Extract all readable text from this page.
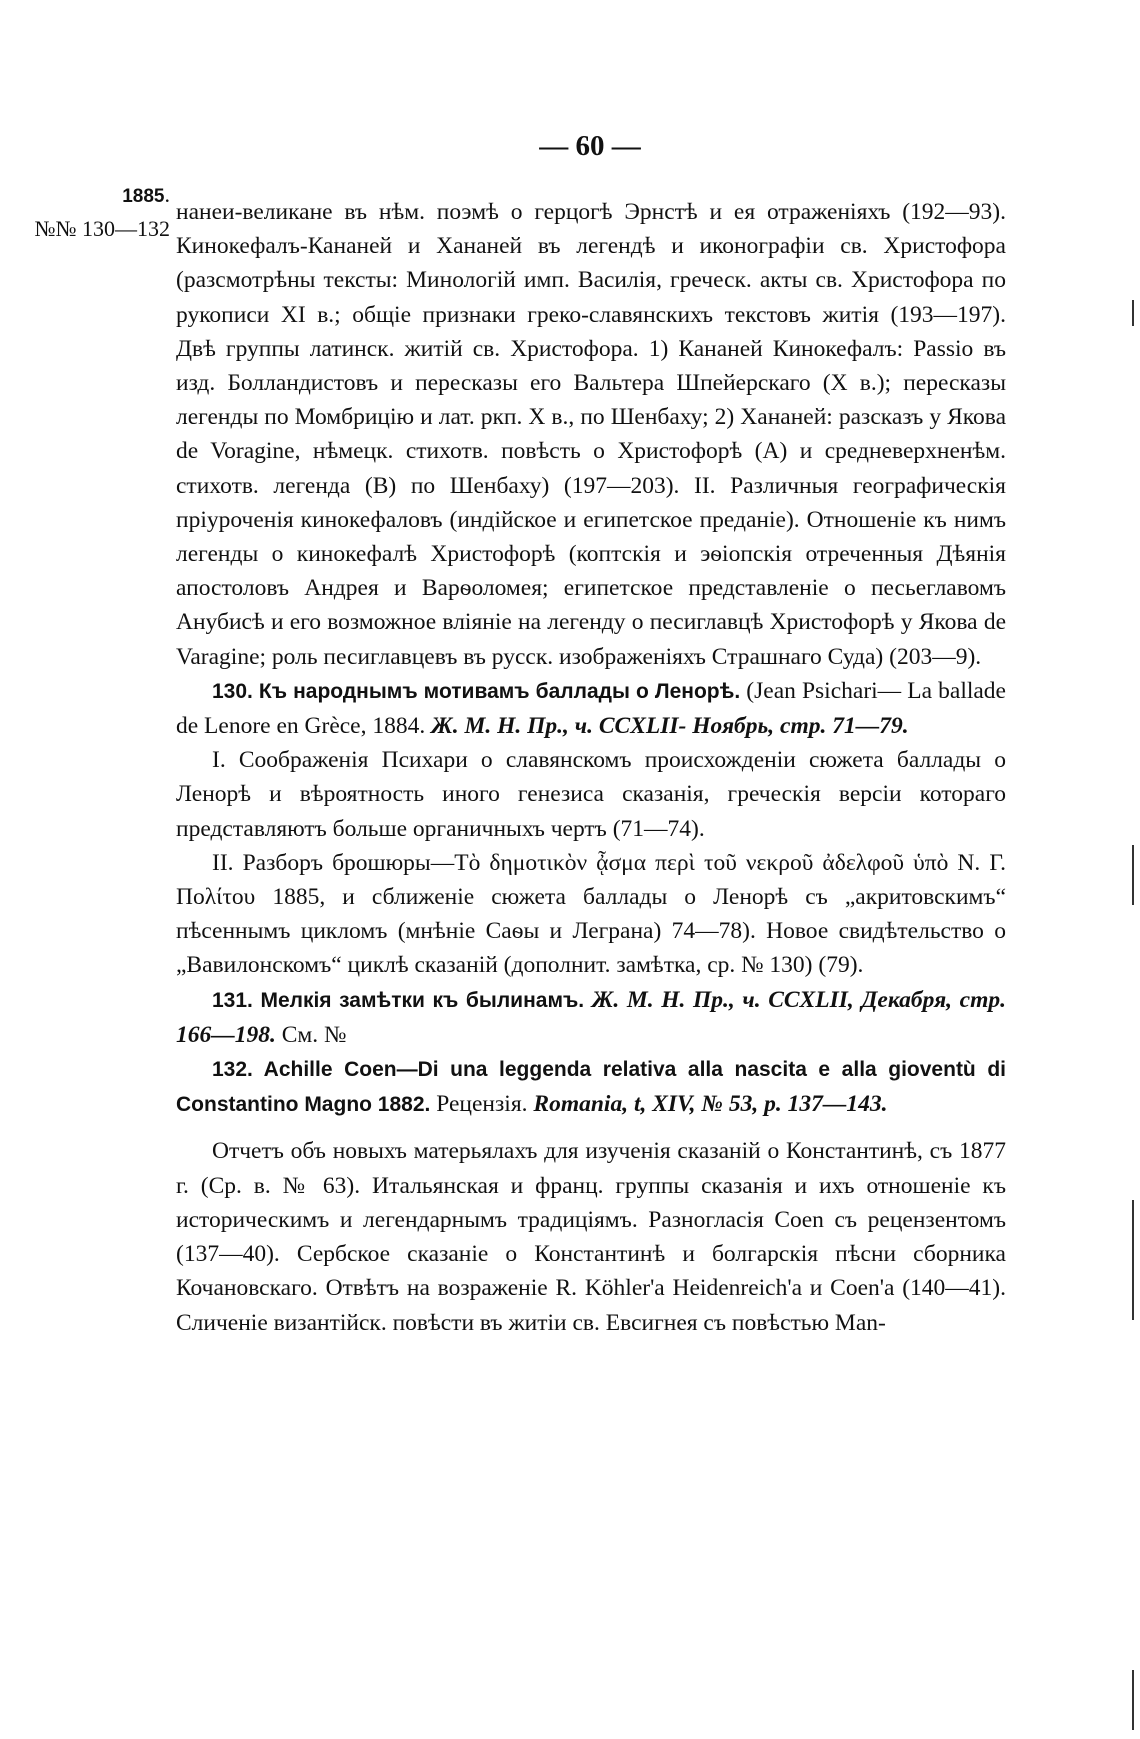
— 60 —
1885.
№№ 130—132

нанеи-великане въ нѣм. поэмѣ о герцогѣ Эрнстѣ и ея отраженіяхъ (192—93). Кинокефалъ-Кананей и Хананей въ легендѣ и иконографіи св. Христофора (разсмотрѣны тексты: Минологій имп. Василія, греческ. акты св. Христофора по рукописи XI в.; общіе признаки греко-славянскихъ текстовъ житія (193—197). Двѣ группы латинск. житій св. Христофора. 1) Кананей Кинокефалъ: Passio въ изд. Болландистовъ и пересказы его Вальтера Шпейерскаго (X в.); пересказы легенды по Момбрицію и лат. ркп. X в., по Шенбаху; 2) Хананей: разсказъ у Якова de Voragine, нѣмецк. стихотв. повѣсть о Христофорѣ (A) и средневерхненѣм. стихотв. легенда (B) по Шенбаху) (197—203). II. Различныя географическія пріуроченія кинокефаловъ (индійское и египетское преданіе). Отношеніе къ нимъ легенды о кинокефалѣ Христофорѣ (коптскія и эѳіопскія отреченныя Дѣянія апостоловъ Андрея и Варѳоломея; египетское представленіе о песьеглавомъ Анубисѣ и его возможное вліяніе на легенду о песиглавцѣ Христофорѣ у Якова de Varagine; роль песиглавцевъ въ русск. изображеніяхъ Страшнаго Суда) (203—9).

130. Къ народнымъ мотивамъ баллады о Ленорѣ. (Jean Psichari— La ballade de Lenore en Grèce, 1884. Ж. М. Н. Пр., ч. CCXLII- Ноябрь, стр. 71—79.

I. Соображенія Психари о славянскомъ происхожденіи сюжета баллады о Ленорѣ и вѣроятность иного генезиса сказанія, греческія версіи котораго представляютъ больше органичныхъ чертъ (71—74).

II. Разборъ брошюры—Τὸ δημοτικὸν ᾆσμα περὶ τοῦ νεκροῦ ἀδελφοῦ ὑπὸ Ν. Γ. Πολίτου 1885, и сближеніе сюжета баллады о Ленорѣ съ „акритовскимъ“ пѣсеннымъ цикломъ (мнѣніе Саѳы и Леграна) 74—78). Новое свидѣтельство о „Вавилонскомъ“ циклѣ сказаній (дополнит. замѣтка, ср. № 130) (79).

131. Мелкія замѣтки къ былинамъ. Ж. М. Н. Пр., ч. CCXLII, Декабря, стр. 166—198. См. №

132. Achille Coen—Di una leggenda relativa alla nascita e alla gioventù di Constantino Magno 1882. Рецензія. Romania, t, XIV, № 53, p. 137—143.

Отчетъ объ новыхъ матерьялахъ для изученія сказаній о Константинѣ, съ 1877 г. (Ср. в. № 63). Итальянская и франц. группы сказанія и ихъ отношеніе къ историческимъ и легендарнымъ традиціямъ. Разногласія Coen съ рецензентомъ (137—40). Сербское сказаніе о Константинѣ и болгарскія пѣсни сборника Кочановскаго. Отвѣтъ на возраженіе R. Köhler'a Heidenreich'a и Coen'a (140—41). Сличеніе византійск. повѣсти въ житіи св. Евсигнея съ повѣстью Man-
